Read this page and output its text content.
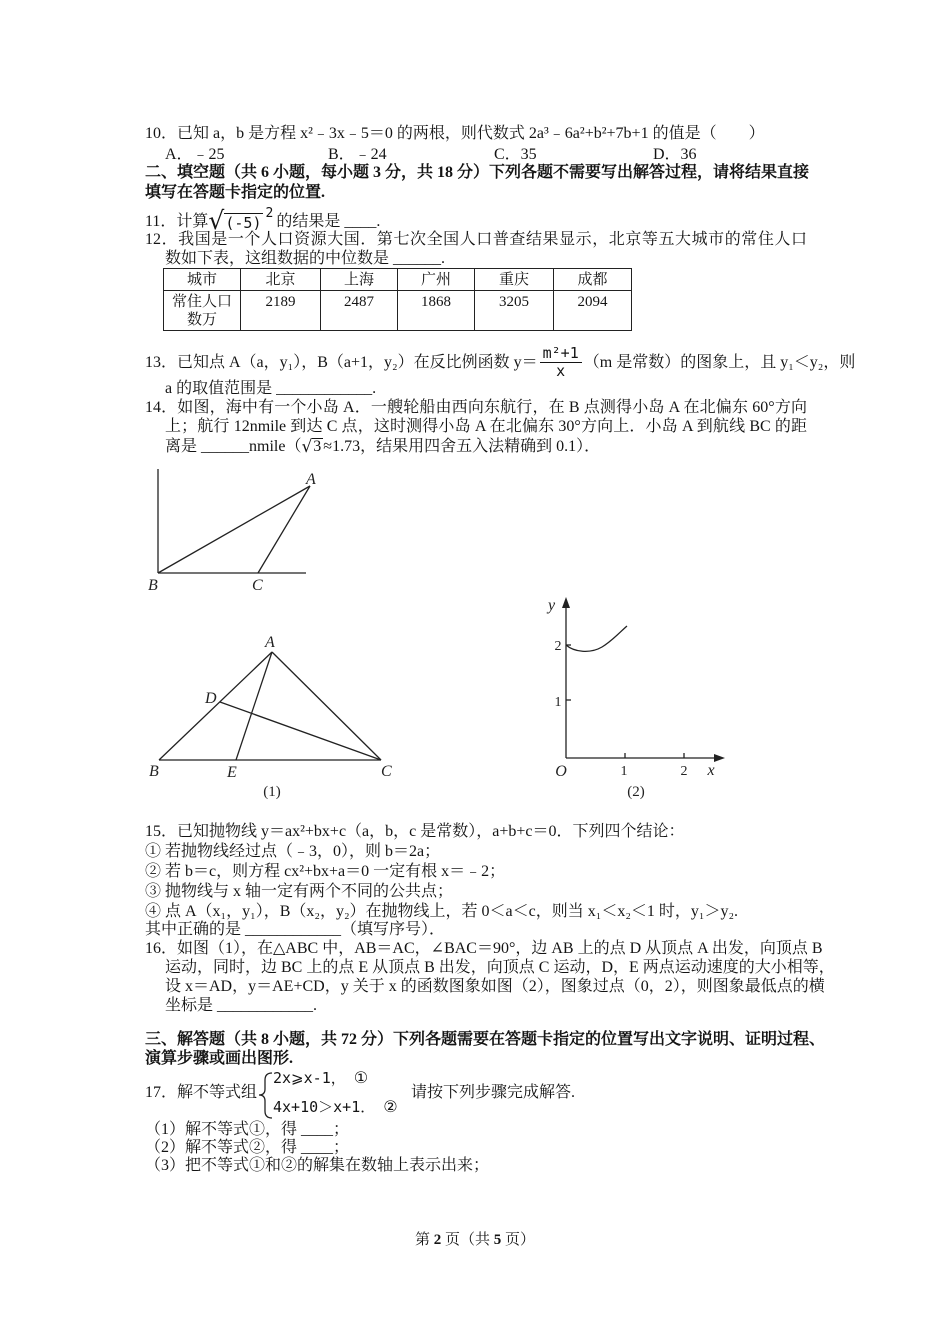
A
B	C
A
B	C
D
E
(1)
y
2
1
O	1	2 x
(2)
10．已知 a，b 是方程 x²﹣3x﹣5＝0 的两根，则代数式 2a³﹣6a²+b²+7b+1 的值是（　　）
A．﹣25	B．﹣24	C．35	D．36
二、填空题（共 6 小题，每小题 3 分，共 18 分）下列各题不需要写出解答过程，请将结果直接
填写在答题卡指定的位置.
11．计算$√(-5)^2$ 的结果是 ____.
12．我国是一个人口资源大国．第七次全国人口普查结果显示，北京等五大城市的常住人口
数如下表，这组数据的中位数是 ______.
城市	北京	上海	广州	重庆	成都
常住人口
数万	2189	2487	1868	3205	2094
13．已知点 A（a，y₁），B（a+1，y₂）在反比例函数 $y= \frac{\text{m²+1}}{x} (m$ 是常数）的图象上，且 y₁＜y₂，则
a 的取值范围是 ____________.
14．如图，海中有一个小岛 A．一艘轮船由西向东航行，在 B 点测得小岛 A 在北偏东 60°方向
上；航行 12nmile 到达 C 点，这时测得小岛 A 在北偏东 30°方向上．小岛 A 到航线 BC 的距
离是 ______nmile（√3 ≈1.73，结果用四舍五入法精确到 0.1）．
15．已知抛物线 y＝ax²+bx+c（a，b，c 是常数），a+b+c＝0．下列四个结论：
① 若抛物线经过点（﹣3，0），则 b＝2a；
② 若 b＝c，则方程 cx²+bx+a＝0 一定有根 x＝﹣2；
③ 抛物线与 x 轴一定有两个不同的公共点；
④ 点 A（x₁，y₁），B（x₂，y₂）在抛物线上，若 0＜a＜c，则当 x₁＜x₂＜1 时，y₁＞y₂.
其中正确的是 ____________（填写序号）．
16．如图（1），在△ABC 中，AB＝AC，∠BAC＝90°，边 AB 上的点 D 从顶点 A 出发，向顶点 B
运动，同时，边 BC 上的点 E 从顶点 B 出发，向顶点 C 运动，D，E 两点运动速度的大小相等，
设 x＝AD，y＝AE+CD，y 关于 x 的函数图象如图（2），图象过点（0，2），则图象最低点的横
坐标是 ____________.
三、解答题（共 8 小题，共 72 分）下列各题需要在答题卡指定的位置写出文字说明、证明过程、
演算步骤或画出图形.
17．解不等式组
2x⩾x-1， ①
4x+10＞x+1． ②
请按下列步骤完成解答.
（1）解不等式①，得 ____；
（2）解不等式②，得 ____；
（3）把不等式①和②的解集在数轴上表示出来；
第 2 页（共 5 页）
